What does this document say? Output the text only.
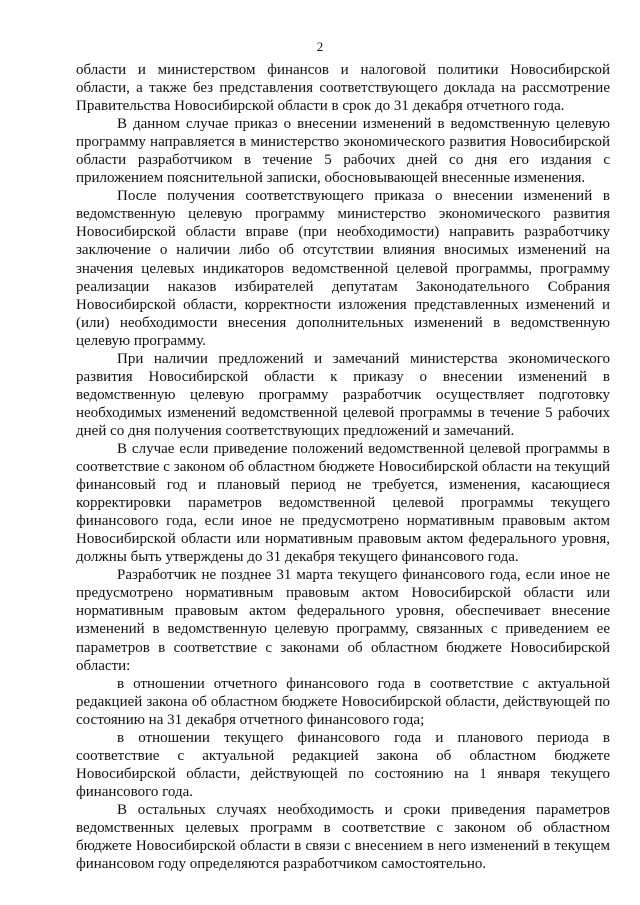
2

области и министерством финансов и налоговой политики Новосибирской области, а также без представления соответствующего доклада на рассмотрение Правительства Новосибирской области в срок до 31 декабря отчетного года.

В данном случае приказ о внесении изменений в ведомственную целевую программу направляется в министерство экономического развития Новосибирской области разработчиком в течение 5 рабочих дней со дня его издания с приложением пояснительной записки, обосновывающей внесенные изменения.

После получения соответствующего приказа о внесении изменений в ведомственную целевую программу министерство экономического развития Новосибирской области вправе (при необходимости) направить разработчику заключение о наличии либо об отсутствии влияния вносимых изменений на значения целевых индикаторов ведомственной целевой программы, программу реализации наказов избирателей депутатам Законодательного Собрания Новосибирской области, корректности изложения представленных изменений и (или) необходимости внесения дополнительных изменений в ведомственную целевую программу.

При наличии предложений и замечаний министерства экономического развития Новосибирской области к приказу о внесении изменений в ведомственную целевую программу разработчик осуществляет подготовку необходимых изменений ведомственной целевой программы в течение 5 рабочих дней со дня получения соответствующих предложений и замечаний.

В случае если приведение положений ведомственной целевой программы в соответствие с законом об областном бюджете Новосибирской области на текущий финансовый год и плановый период не требуется, изменения, касающиеся корректировки параметров ведомственной целевой программы текущего финансового года, если иное не предусмотрено нормативным правовым актом Новосибирской области или нормативным правовым актом федерального уровня, должны быть утверждены до 31 декабря текущего финансового года.

Разработчик не позднее 31 марта текущего финансового года, если иное не предусмотрено нормативным правовым актом Новосибирской области или нормативным правовым актом федерального уровня, обеспечивает внесение изменений в ведомственную целевую программу, связанных с приведением ее параметров в соответствие с законами об областном бюджете Новосибирской области:

в отношении отчетного финансового года в соответствие с актуальной редакцией закона об областном бюджете Новосибирской области, действующей по состоянию на 31 декабря отчетного финансового года;

в отношении текущего финансового года и планового периода в соответствие с актуальной редакцией закона об областном бюджете Новосибирской области, действующей по состоянию на 1 января текущего финансового года.

В остальных случаях необходимость и сроки приведения параметров ведомственных целевых программ в соответствие с законом об областном бюджете Новосибирской области в связи с внесением в него изменений в текущем финансовом году определяются разработчиком самостоятельно.
